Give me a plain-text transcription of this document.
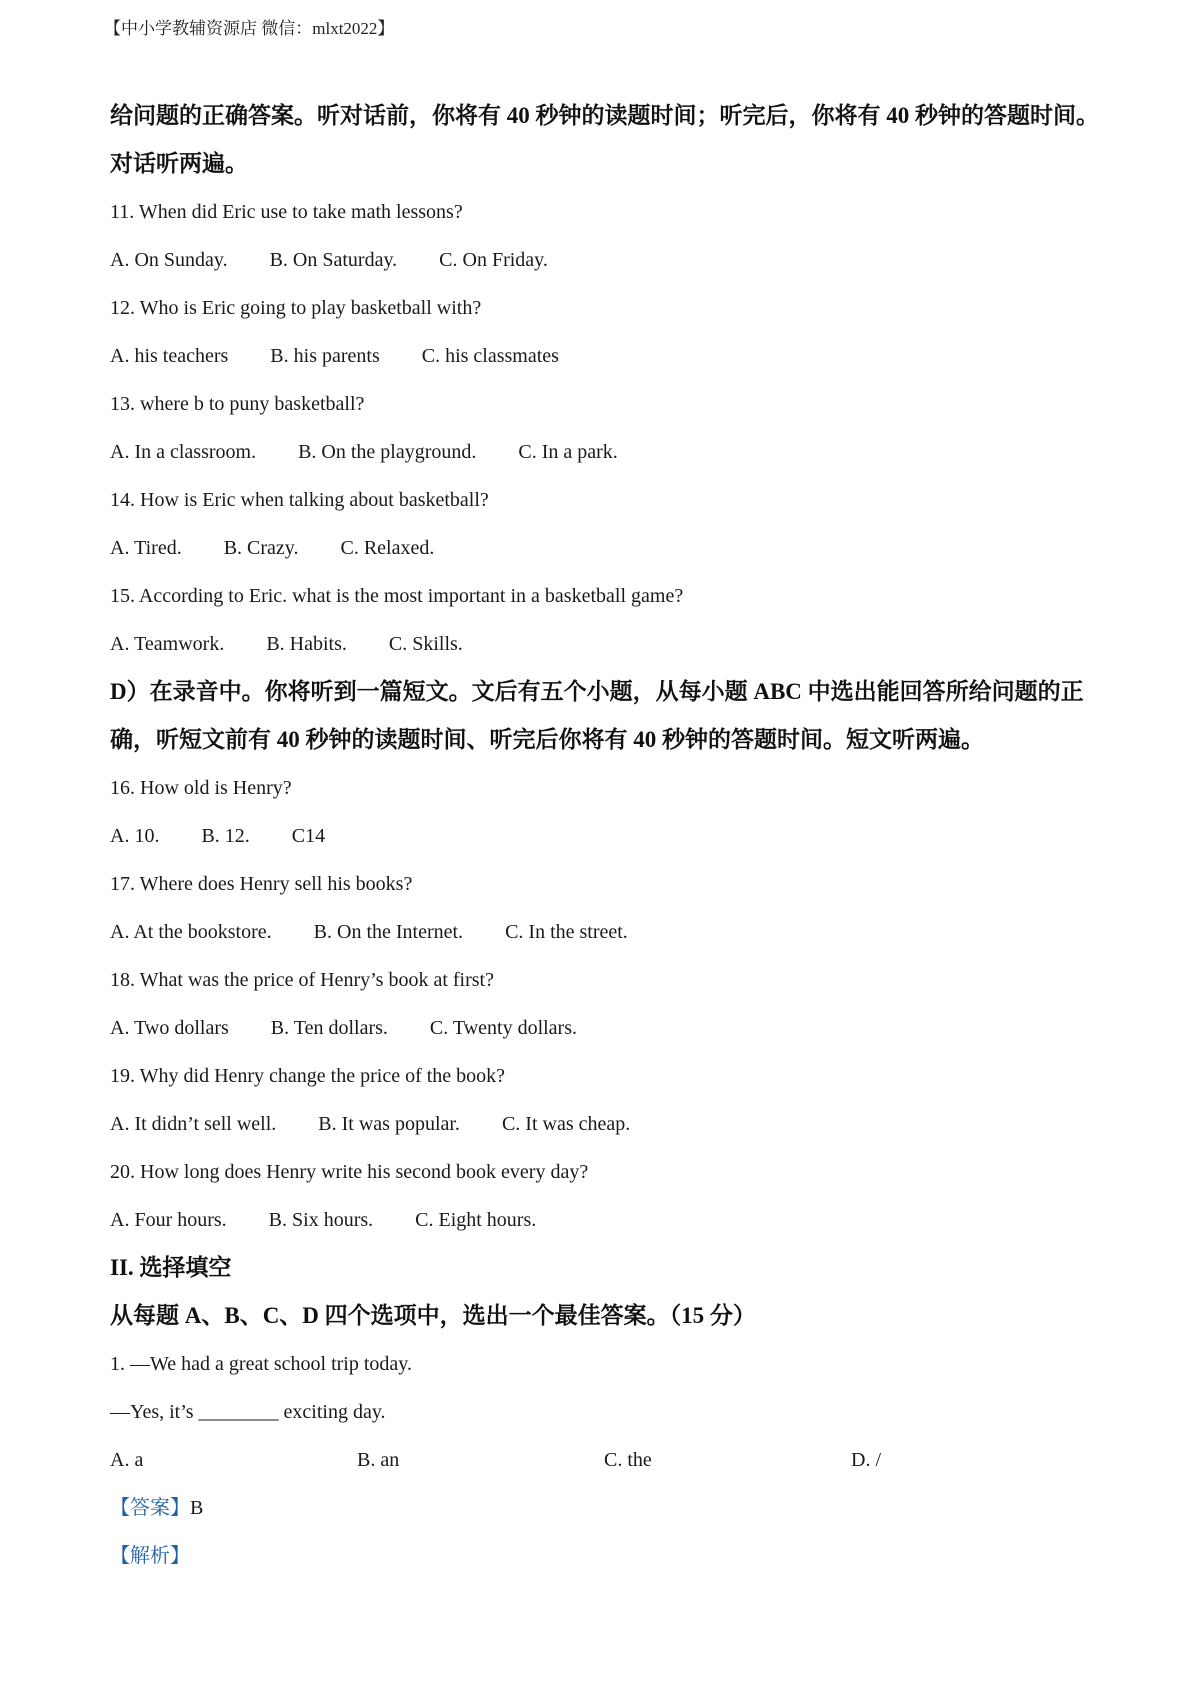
【中小学教辅资源店 微信：mlxt2022】
给问题的正确答案。听对话前，你将有 40 秒钟的读题时间；听完后，你将有 40 秒钟的答题时间。对话听两遍。
11. When did Eric use to take math lessons?
A. On Sunday. B. On Saturday. C. On Friday.
12. Who is Eric going to play basketball with?
A. his teachers B. his parents C. his classmates
13. where b to puny basketball?
A. In a classroom. B. On the playground. C. In a park.
14. How is Eric when talking about basketball?
A. Tired. B. Crazy. C. Relaxed.
15. According to Eric. what is the most important in a basketball game?
A. Teamwork. B. Habits. C. Skills.
D）在录音中。你将听到一篇短文。文后有五个小题，从每小题 ABC 中选出能回答所给问题的正确，听短文前有 40 秒钟的读题时间、听完后你将有 40 秒钟的答题时间。短文听两遍。
16. How old is Henry?
A. 10. B. 12. C14
17. Where does Henry sell his books?
A. At the bookstore. B. On the Internet. C. In the street.
18. What was the price of Henry’s book at first?
A. Two dollars B. Ten dollars. C. Twenty dollars.
19. Why did Henry change the price of the book?
A. It didn’t sell well. B. It was popular. C. It was cheap.
20. How long does Henry write his second book every day?
A. Four hours. B. Six hours. C. Eight hours.
II. 选择填空
从每题 A、B、C、D 四个选项中，选出一个最佳答案。（15 分）
1. —We had a great school trip today.
—Yes, it’s ________ exciting day.
A. a	B. an	C. the	D. /
【答案】B
【解析】
